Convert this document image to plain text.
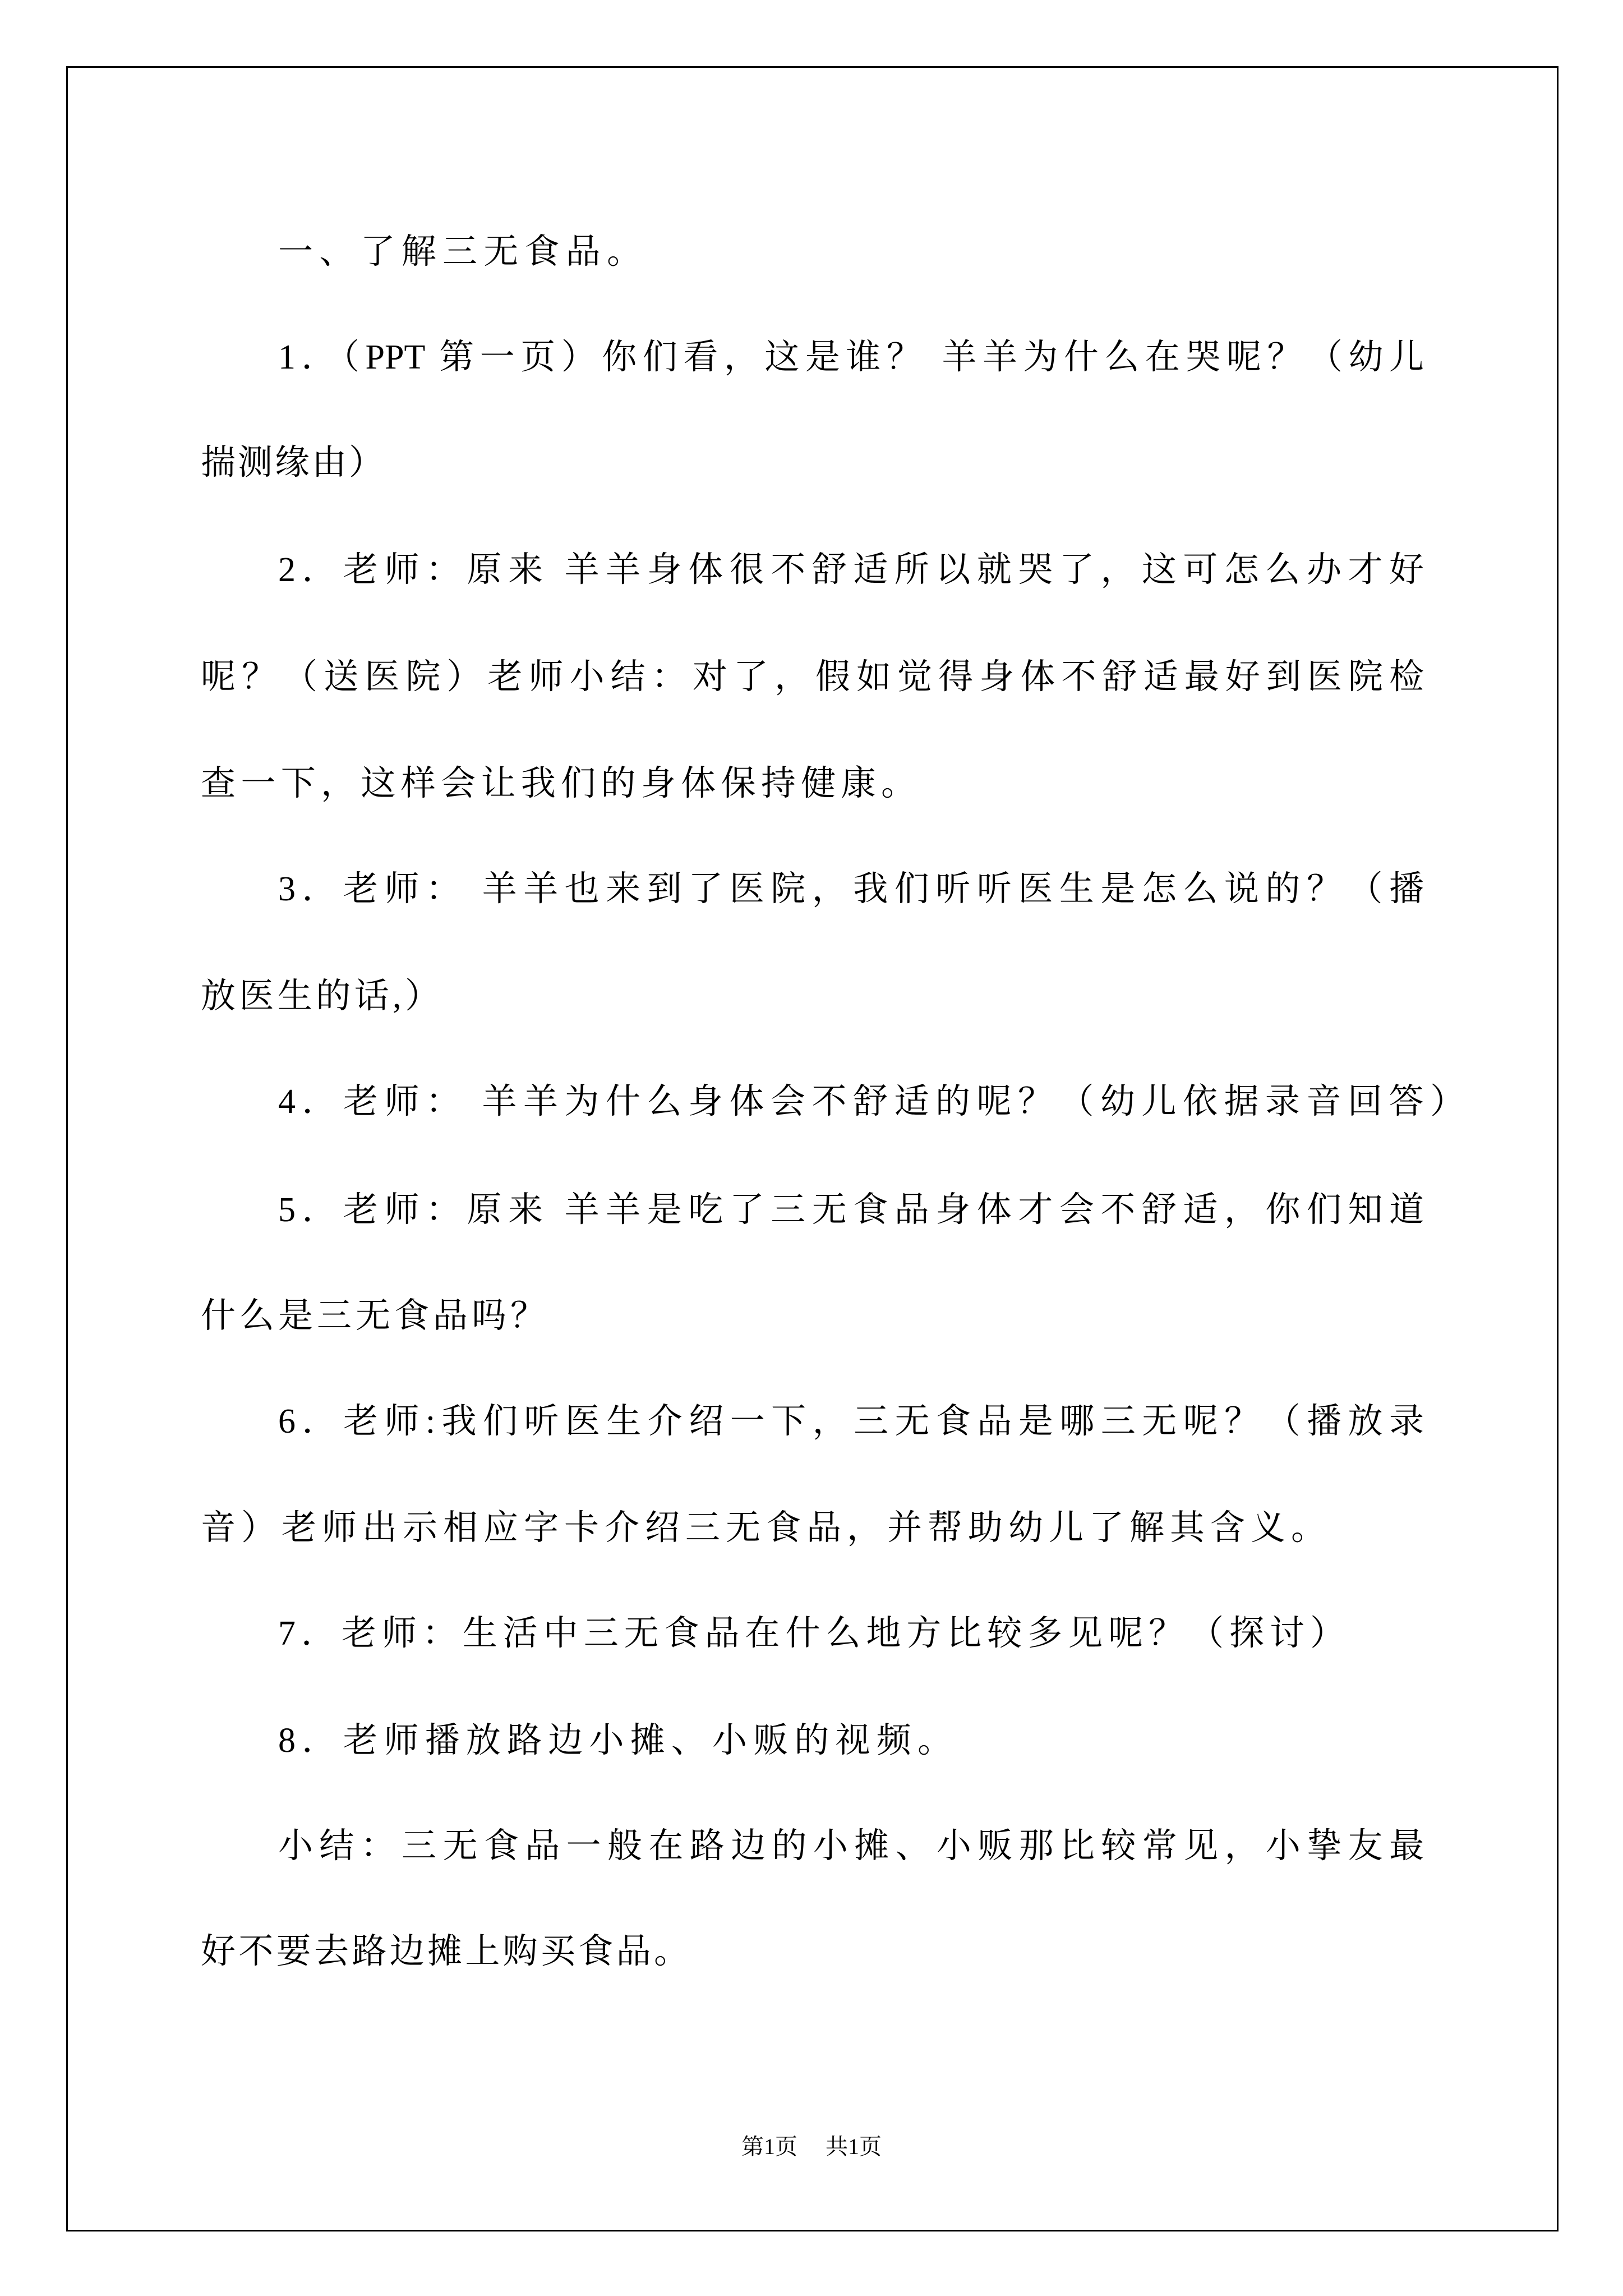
一、了解三无食品。
1．（PPT 第一页）你们看，这是谁？ 羊羊为什么在哭呢？（幼儿
揣测缘由）
2．老师：原来 羊羊身体很不舒适所以就哭了，这可怎么办才好
呢？（送医院）老师小结：对了，假如觉得身体不舒适最好到医院检
查一下，这样会让我们的身体保持健康。
3．老师： 羊羊也来到了医院，我们听听医生是怎么说的？（播
放医生的话,）
4．老师： 羊羊为什么身体会不舒适的呢？（幼儿依据录音回答）
5．老师：原来 羊羊是吃了三无食品身体才会不舒适，你们知道
什么是三无食品吗？
6．老师:我们听医生介绍一下，三无食品是哪三无呢？（播放录
音）老师出示相应字卡介绍三无食品，并帮助幼儿了解其含义。
7．老师：生活中三无食品在什么地方比较多见呢？（探讨）
8．老师播放路边小摊、小贩的视频。
小结：三无食品一般在路边的小摊、小贩那比较常见，小挚友最
好不要去路边摊上购买食品。
第1页 共1页
